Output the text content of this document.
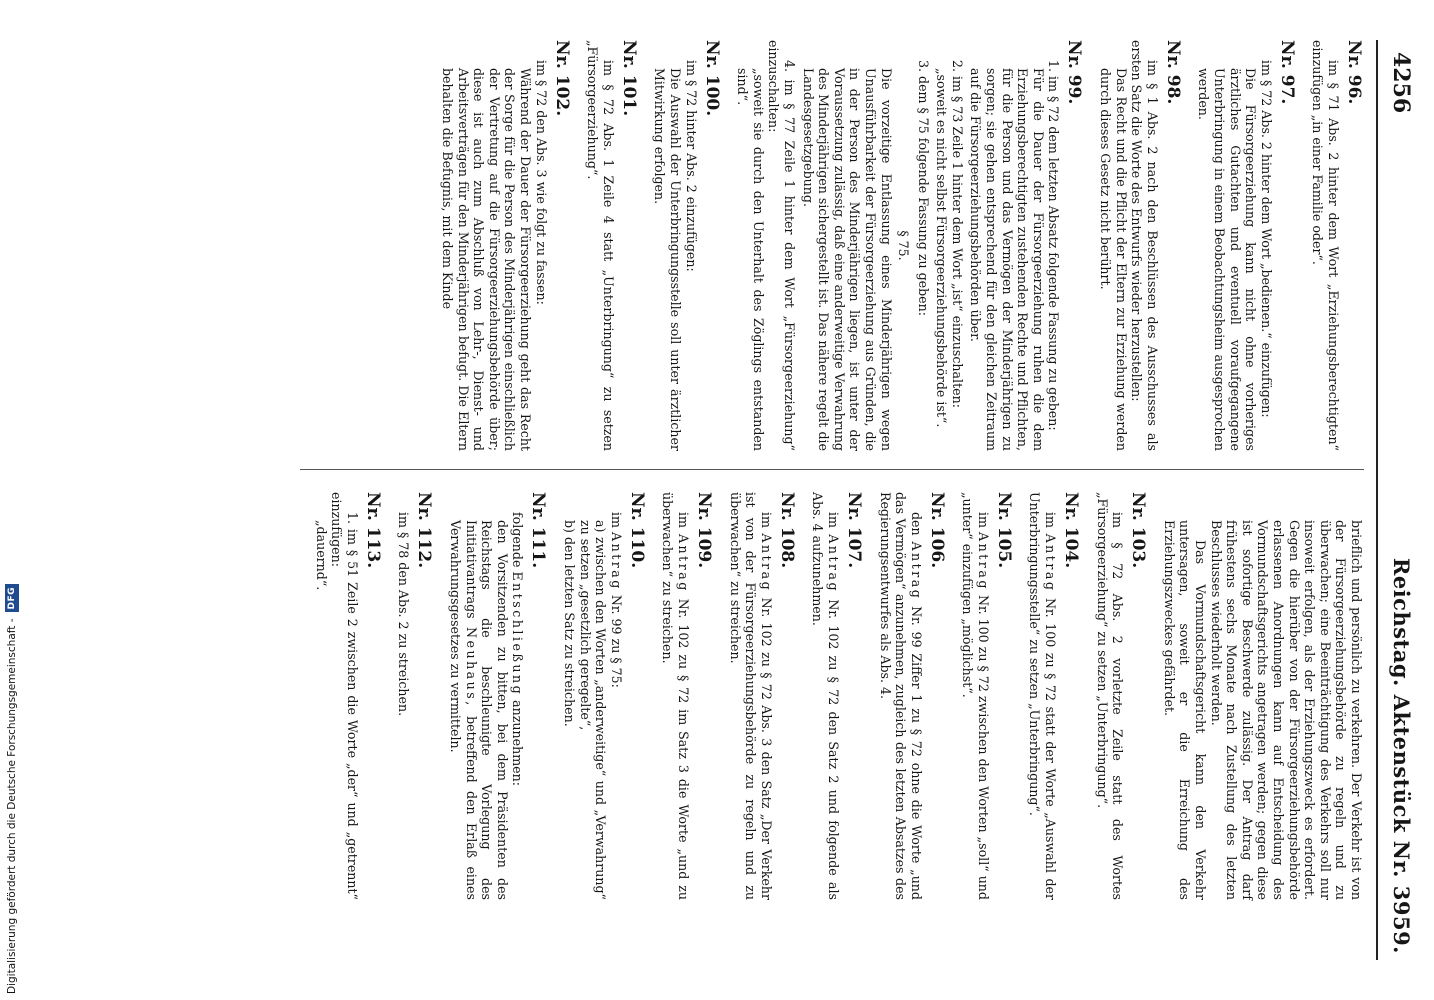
4256
Reichstag. Aktenstück Nr. 3959.
Nr. 96.

im § 71 Abs. 2 hinter dem Wort „Erziehungsberechtigten“ einzufügen „in einer Familie oder“.

Nr. 97.

im § 72 Abs. 2 hinter dem Wort „bedienen.“ einzufügen:

Die Fürsorgeerziehung kann nicht ohne vorheriges ärztliches Gutachten und eventuell voraufgegangene Unterbringung in einem Beobachtungsheim ausgesprochen werden.

Nr. 98.

im § 1 Abs. 2 nach den Beschlüssen des Ausschusses als ersten Satz die Worte des Entwurfs wieder herzustellen:

Das Recht und die Pflicht der Eltern zur Erziehung werden durch dieses Gesetz nicht berührt.

Nr. 99.

1. im § 72 dem letzten Absatz folgende Fassung zu geben:

Für die Dauer der Fürsorgeerziehung ruhen die dem Erziehungsberechtigten zustehenden Rechte und Pflichten, für die Person und das Vermögen der Minderjährigen zu sorgen; sie gehen entsprechend für den gleichen Zeitraum auf die Fürsorgeerziehungsbehörden über.

2. im § 73 Zeile 1 hinter dem Wort „ist“ einzuschalten:

„soweit es nicht selbst Fürsorgeerziehungsbehörde ist“.

3. dem § 75 folgende Fassung zu geben:

§ 75.

Die vorzeitige Entlassung eines Minderjährigen wegen Unausführbarkeit der Fürsorgeerziehung aus Gründen, die in der Person des Minderjährigen liegen, ist unter der Voraussetzung zulässig, daß eine anderweitige Verwahrung des Minderjährigen sichergestellt ist. Das nähere regelt die Landesgesetzgebung.

4. im § 77 Zeile 1 hinter dem Wort „Fürsorgeerziehung“ einzuschalten:

„soweit sie durch den Unterhalt des Zöglings entstanden sind“.

Nr. 100.

im § 72 hinter Abs. 2 einzufügen:

Die Auswahl der Unterbringungsstelle soll unter ärztlicher Mitwirkung erfolgen.

Nr. 101.

im § 72 Abs. 1 Zeile 4 statt „Unterbringung“ zu setzen „Fürsorgeerziehung“.

Nr. 102.

im § 72 den Abs. 3 wie folgt zu fassen:

Während der Dauer der Fürsorgeerziehung geht das Recht der Sorge für die Person des Minderjährigen einschließlich der Vertretung auf die Fürsorgeerziehungsbehörde über; diese ist auch zum Abschluß von Lehr-, Dienst- und Arbeitsverträgen für den Minderjährigen befugt. Die Eltern behalten die Befugnis, mit dem Kinde

brieflich und persönlich zu verkehren. Der Verkehr ist von der Fürsorgeerziehungsbehörde zu regeln und zu überwachen; eine Beeinträchtigung des Verkehrs soll nur insoweit erfolgen, als der Erziehungszweck es erfordert. Gegen die hierüber von der Fürsorgeerziehungsbehörde erlassenen Anordnungen kann auf Entscheidung des Vormundschaftsgerichts angetragen werden; gegen diese ist sofortige Beschwerde zulässig. Der Antrag darf frühestens sechs Monate nach Zustellung des letzten Beschlusses wiederholt werden.

Das Vormundschaftsgericht kann den Verkehr untersagen, soweit er die Erreichung des Erziehungszweckes gefährdet.

Nr. 103.

im § 72 Abs. 2 vorletzte Zeile statt des Wortes „Fürsorgeerziehung“ zu setzen „Unterbringung“.

Nr. 104.

im Antrag Nr. 100 zu § 72 statt der Worte „Auswahl der Unterbringungsstelle“ zu setzen „Unterbringung“.

Nr. 105.

im Antrag Nr. 100 zu § 72 zwischen den Worten „soll“ und „unter“ einzufügen „möglichst“.

Nr. 106.

den Antrag Nr. 99 Ziffer 1 zu § 72 ohne die Worte „und das Vermögen“ anzunehmen, zugleich des letzten Absatzes des Regierungsentwurfes als Abs. 4.

Nr. 107.

im Antrag Nr. 102 zu § 72 den Satz 2 und folgende als Abs. 4 aufzunehmen.

Nr. 108.

im Antrag Nr. 102 zu § 72 Abs. 3 den Satz „Der Verkehr ist von der Fürsorgeerziehungsbehörde zu regeln und zu überwachen“ zu streichen.

Nr. 109.

im Antrag Nr. 102 zu § 72 im Satz 3 die Worte „und zu überwachen“ zu streichen.

Nr. 110.

im Antrag Nr. 99 zu § 75:

a) zwischen den Worten „anderweitige“ und „Verwahrung“ zu setzen „gesetzlich geregelte“,

b) den letzten Satz zu streichen.

Nr. 111.

folgende Entschließung anzunehmen:

den Vorsitzenden zu bitten, bei dem Präsidenten des Reichstags die beschleunigte Vorlegung des Initiativantrags Neuhaus, betreffend den Erlaß eines Verwahrungsgesetzes zu vermitteln.

Nr. 112.

im § 78 den Abs. 2 zu streichen.

Nr. 113.

1. im § 51 Zeile 2 zwischen die Worte „der“ und „getrennt“ einzufügen:

„dauernd“.

Digitalisierung gefördert durch die Deutsche Forschungsgemeinschaft -
DFG
